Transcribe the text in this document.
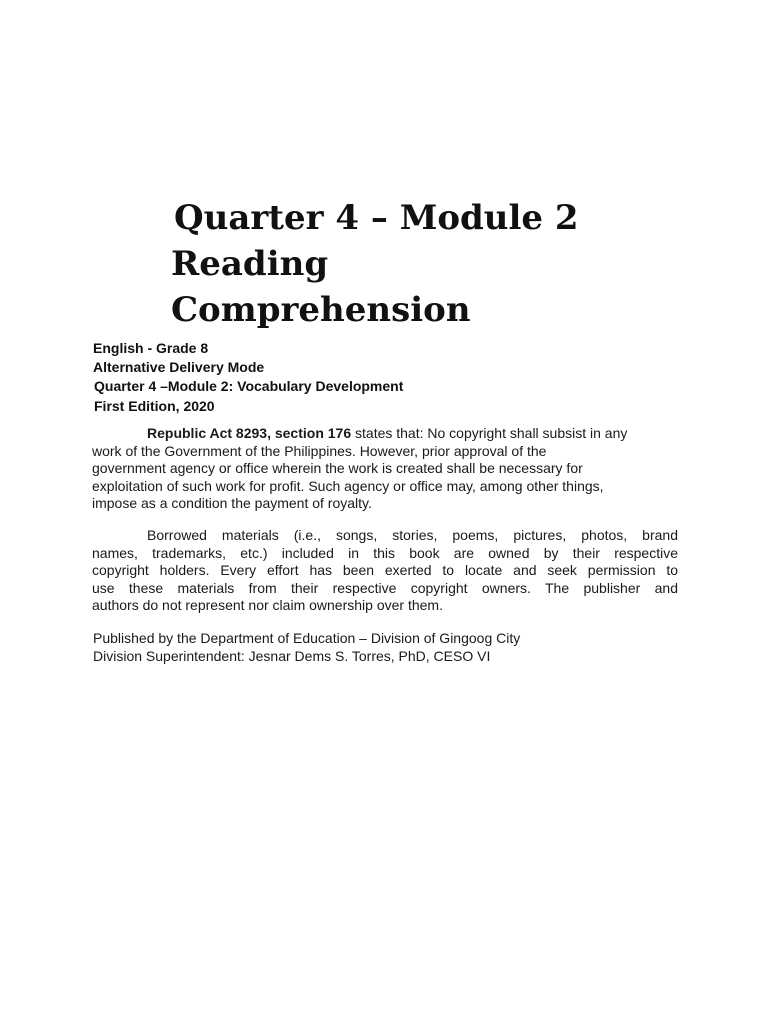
Quarter 4 – Module 2
Reading
Comprehension
English - Grade 8
Alternative Delivery Mode
Quarter 4 –Module 2: Vocabulary Development
First Edition, 2020
Republic Act 8293, section 176 states that: No copyright shall subsist in any
work of the Government of the Philippines. However, prior approval of the
government agency or office wherein the work is created shall be necessary for
exploitation of such work for profit. Such agency or office may, among other things,
impose as a condition the payment of royalty.
Borrowed materials (i.e., songs, stories, poems, pictures, photos, brand
names, trademarks, etc.) included in this book are owned by their respective
copyright holders. Every effort has been exerted to locate and seek permission to
use these materials from their respective copyright owners. The publisher and
authors do not represent nor claim ownership over them.
Published by the Department of Education – Division of Gingoog City
Division Superintendent: Jesnar Dems S. Torres, PhD, CESO VI
